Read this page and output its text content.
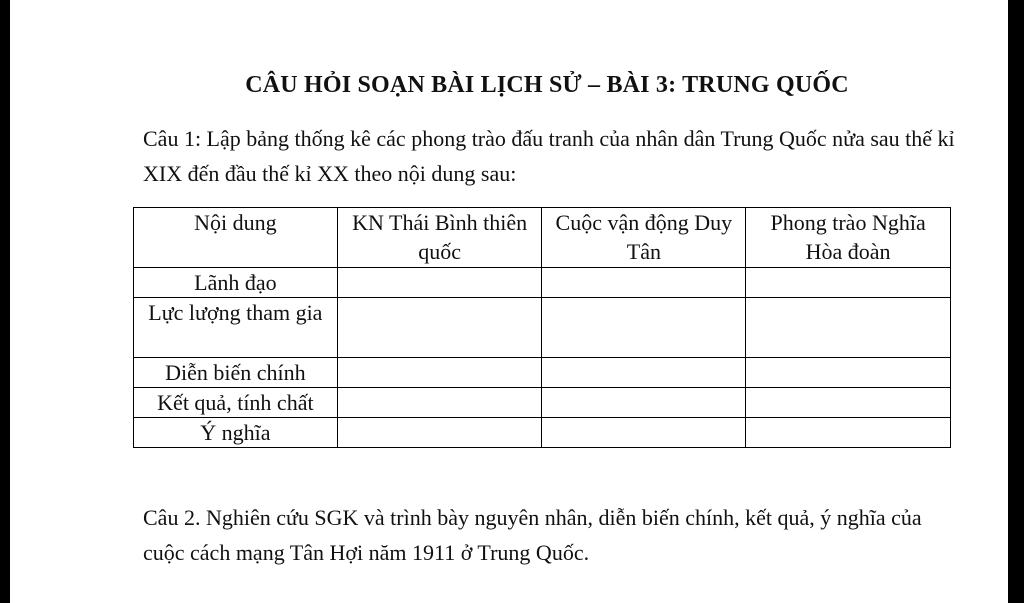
CÂU HỎI SOẠN BÀI LỊCH SỬ – BÀI 3: TRUNG QUỐC
Câu 1: Lập bảng thống kê các phong trào đấu tranh của nhân dân Trung Quốc nửa sau thế kỉ XIX đến đầu thế kỉ XX theo nội dung sau:
Nội dung	KN Thái Bình thiên quốc	Cuộc vận động Duy Tân	Phong trào Nghĩa Hòa đoàn
Lãnh đạo			
Lực lượng tham gia			
Diễn biến chính			
Kết quả, tính chất			
Ý nghĩa			
Câu 2. Nghiên cứu SGK và trình bày nguyên nhân, diễn biến chính, kết quả, ý nghĩa của cuộc cách mạng Tân Hợi năm 1911 ở Trung Quốc.
